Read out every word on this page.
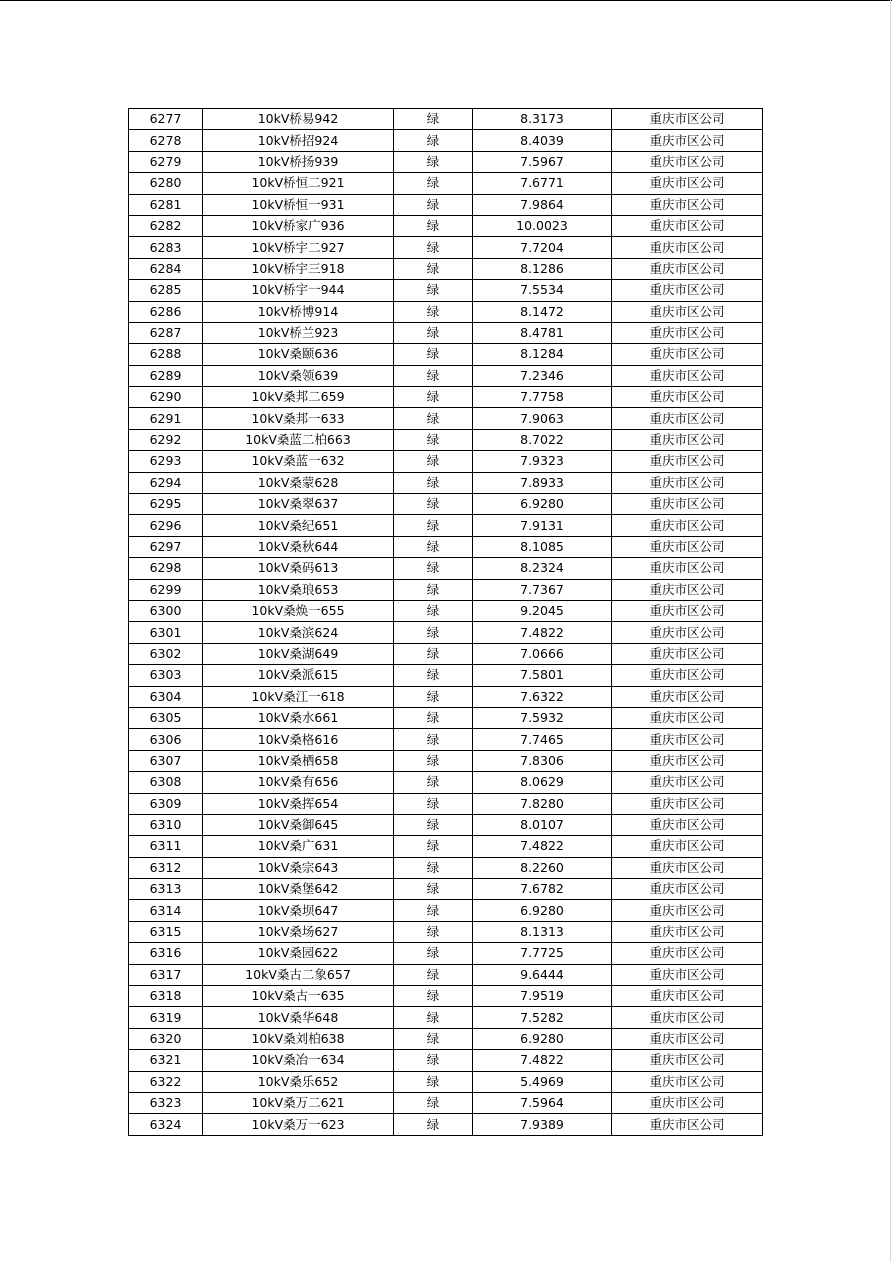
6277	10kV桥易942	绿	8.3173	重庆市区公司
6278	10kV桥招924	绿	8.4039	重庆市区公司
6279	10kV桥扬939	绿	7.5967	重庆市区公司
6280	10kV桥恒二921	绿	7.6771	重庆市区公司
6281	10kV桥恒一931	绿	7.9864	重庆市区公司
6282	10kV桥家广936	绿	10.0023	重庆市区公司
6283	10kV桥宇二927	绿	7.7204	重庆市区公司
6284	10kV桥宇三918	绿	8.1286	重庆市区公司
6285	10kV桥宇一944	绿	7.5534	重庆市区公司
6286	10kV桥博914	绿	8.1472	重庆市区公司
6287	10kV桥兰923	绿	8.4781	重庆市区公司
6288	10kV桑颐636	绿	8.1284	重庆市区公司
6289	10kV桑领639	绿	7.2346	重庆市区公司
6290	10kV桑邦二659	绿	7.7758	重庆市区公司
6291	10kV桑邦一633	绿	7.9063	重庆市区公司
6292	10kV桑蓝二柏663	绿	8.7022	重庆市区公司
6293	10kV桑蓝一632	绿	7.9323	重庆市区公司
6294	10kV桑蒙628	绿	7.8933	重庆市区公司
6295	10kV桑翠637	绿	6.9280	重庆市区公司
6296	10kV桑纪651	绿	7.9131	重庆市区公司
6297	10kV桑秋644	绿	8.1085	重庆市区公司
6298	10kV桑码613	绿	8.2324	重庆市区公司
6299	10kV桑琅653	绿	7.7367	重庆市区公司
6300	10kV桑焕一655	绿	9.2045	重庆市区公司
6301	10kV桑滨624	绿	7.4822	重庆市区公司
6302	10kV桑湖649	绿	7.0666	重庆市区公司
6303	10kV桑派615	绿	7.5801	重庆市区公司
6304	10kV桑江一618	绿	7.6322	重庆市区公司
6305	10kV桑水661	绿	7.5932	重庆市区公司
6306	10kV桑格616	绿	7.7465	重庆市区公司
6307	10kV桑栖658	绿	7.8306	重庆市区公司
6308	10kV桑有656	绿	8.0629	重庆市区公司
6309	10kV桑挥654	绿	7.8280	重庆市区公司
6310	10kV桑御645	绿	8.0107	重庆市区公司
6311	10kV桑广631	绿	7.4822	重庆市区公司
6312	10kV桑宗643	绿	8.2260	重庆市区公司
6313	10kV桑堡642	绿	7.6782	重庆市区公司
6314	10kV桑坝647	绿	6.9280	重庆市区公司
6315	10kV桑场627	绿	8.1313	重庆市区公司
6316	10kV桑园622	绿	7.7725	重庆市区公司
6317	10kV桑古二象657	绿	9.6444	重庆市区公司
6318	10kV桑古一635	绿	7.9519	重庆市区公司
6319	10kV桑华648	绿	7.5282	重庆市区公司
6320	10kV桑刘柏638	绿	6.9280	重庆市区公司
6321	10kV桑冶一634	绿	7.4822	重庆市区公司
6322	10kV桑乐652	绿	5.4969	重庆市区公司
6323	10kV桑万二621	绿	7.5964	重庆市区公司
6324	10kV桑万一623	绿	7.9389	重庆市区公司
